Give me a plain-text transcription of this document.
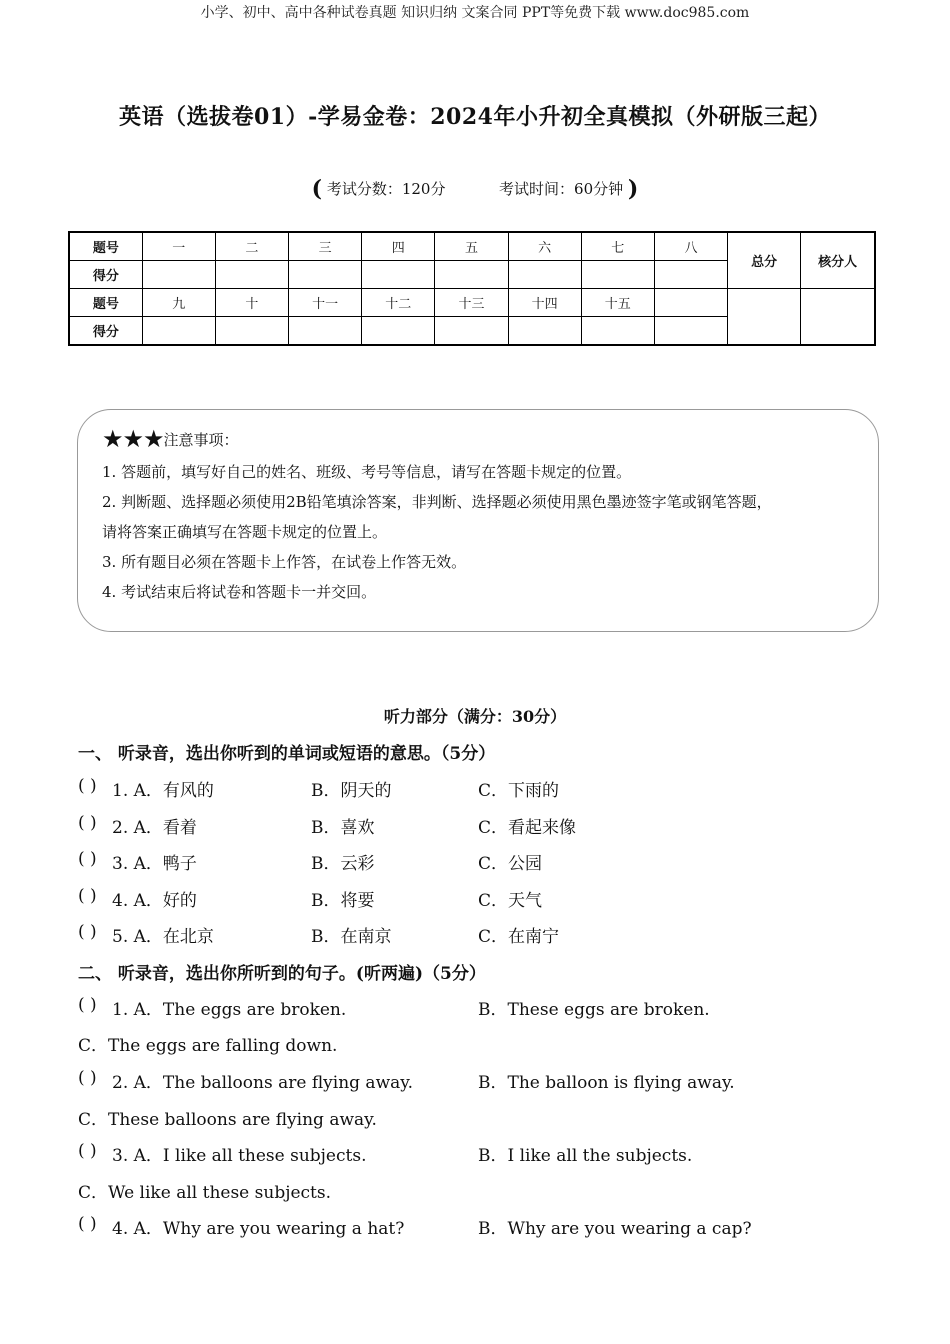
小学、初中、高中各种试卷真题 知识归纳 文案合同 PPT等免费下载 www.doc985.com
英语（选拔卷01）-学易金卷：2024年小升初全真模拟（外研版三起）
( 考试分数：120分	考试时间：60分钟 )
题号	一	二	三	四	五	六	七	八	总分	核分人
得分										
题号	九	十	十一	十二	十三	十四	十五			
得分										
★★★注意事项：
1. 答题前，填写好自己的姓名、班级、考号等信息，请写在答题卡规定的位置。
2. 判断题、选择题必须使用2B铅笔填涂答案，非判断、选择题必须使用黑色墨迹签字笔或钢笔答题，
请将答案正确填写在答题卡规定的位置上。
3. 所有题目必须在答题卡上作答，在试卷上作答无效。
4. 考试结束后将试卷和答题卡一并交回。
听力部分（满分：30分）
一、 听录音，选出你听到的单词或短语的意思。（5分）
( ) 1. A．有风的	B．阴天的	C．下雨的
( ) 2. A．看着	B．喜欢	C．看起来像
( ) 3. A．鸭子	B．云彩	C．公园
( ) 4. A．好的	B．将要	C．天气
( ) 5. A．在北京	B．在南京	C．在南宁
二、 听录音，选出你所听到的句子。(听两遍)（5分）
( ) 1. A．The eggs are broken.	B．These eggs are broken.
C．The eggs are falling down.
( ) 2. A．The balloons are flying away.	B．The balloon is flying away.
C．These balloons are flying away.
( ) 3. A．I like all these subjects.	B．I like all the subjects.
C．We like all these subjects.
( ) 4. A．Why are you wearing a hat?	B．Why are you wearing a cap?
